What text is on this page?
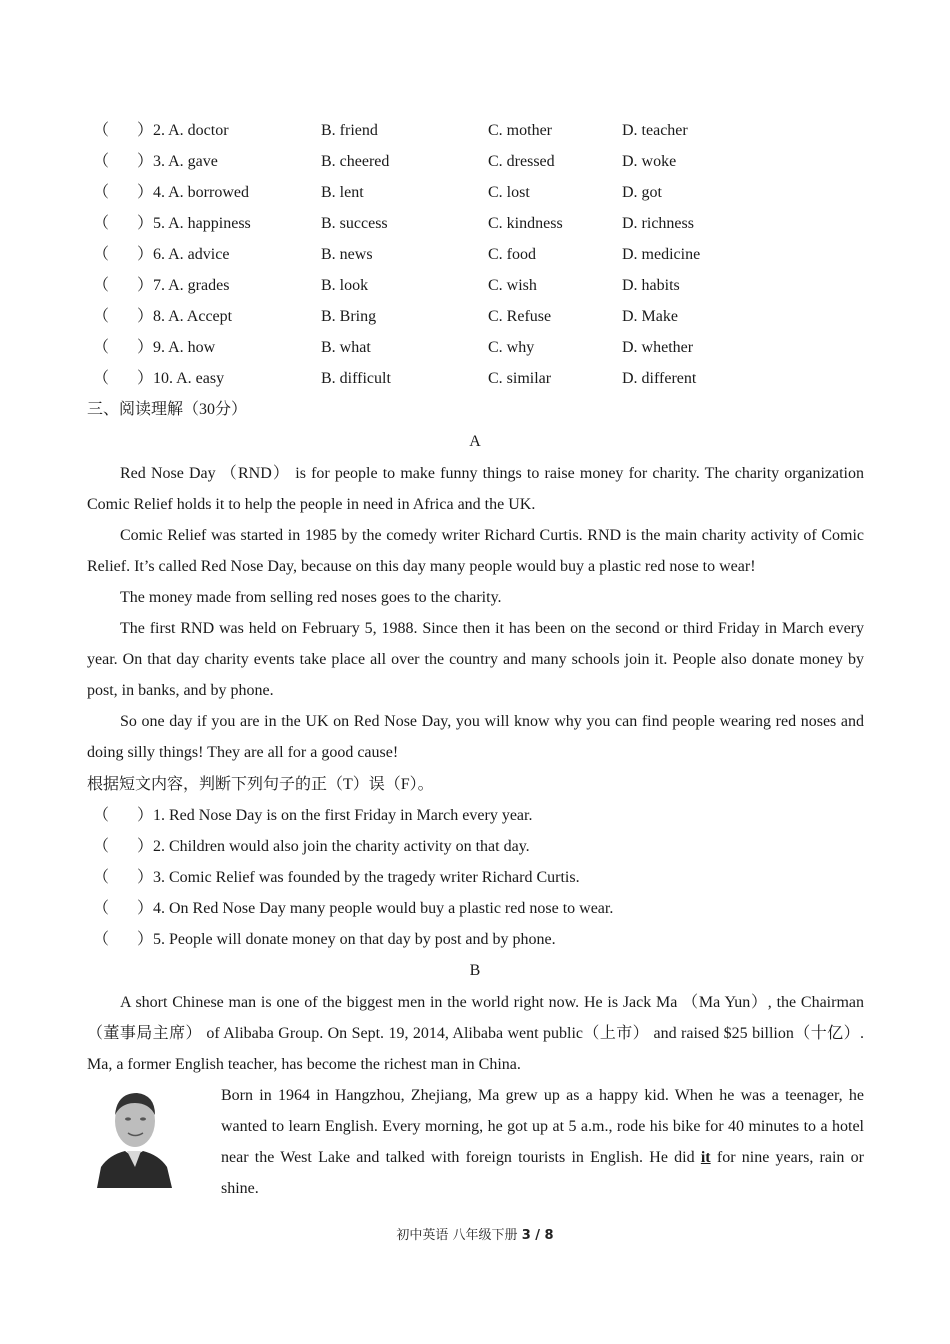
（ ） 2. A. doctor	B. friend	C. mother	D. teacher
（ ） 3. A. gave	B. cheered	C. dressed	D. woke
（ ） 4. A. borrowed	B. lent	C. lost	D. got
（ ） 5. A. happiness	B. success	C. kindness	D. richness
（ ） 6. A. advice	B. news	C. food	D. medicine
（ ） 7. A. grades	B. look	C. wish	D. habits
（ ） 8. A. Accept	B. Bring	C. Refuse	D. Make
（ ） 9. A. how	B. what	C. why	D. whether
（ ） 10. A. easy	B. difficult	C. similar	D. different
三、阅读理解（30分）
A
Red Nose Day （RND） is for people to make funny things to raise money for charity. The charity organization Comic Relief holds it to help the people in need in Africa and the UK.
Comic Relief was started in 1985 by the comedy writer Richard Curtis. RND is the main charity activity of Comic Relief. It’s called Red Nose Day, because on this day many people would buy a plastic red nose to wear!
The money made from selling red noses goes to the charity.
The first RND was held on February 5, 1988. Since then it has been on the second or third Friday in March every year. On that day charity events take place all over the country and many schools join it. People also donate money by post, in banks, and by phone.
So one day if you are in the UK on Red Nose Day, you will know why you can find people wearing red noses and doing silly things! They are all for a good cause!
根据短文内容，判断下列句子的正（T）误（F）。
（ ） 1. Red Nose Day is on the first Friday in March every year.
（ ） 2. Children would also join the charity activity on that day.
（ ） 3. Comic Relief was founded by the tragedy writer Richard Curtis.
（ ） 4. On Red Nose Day many people would buy a plastic red nose to wear.
（ ） 5. People will donate money on that day by post and by phone.
B
A short Chinese man is one of the biggest men in the world right now. He is Jack Ma （Ma Yun）, the Chairman（董事局主席） of Alibaba Group. On Sept. 19, 2014, Alibaba went public（上市） and raised $25 billion（十亿）. Ma, a former English teacher, has become the richest man in China.
Born in 1964 in Hangzhou, Zhejiang, Ma grew up as a happy kid. When he was a teenager, he wanted to learn English. Every morning, he got up at 5 a.m., rode his bike for 40 minutes to a hotel near the West Lake and talked with foreign tourists in English. He did it for nine years, rain or shine.
初中英语 八年级下册 3 / 8
